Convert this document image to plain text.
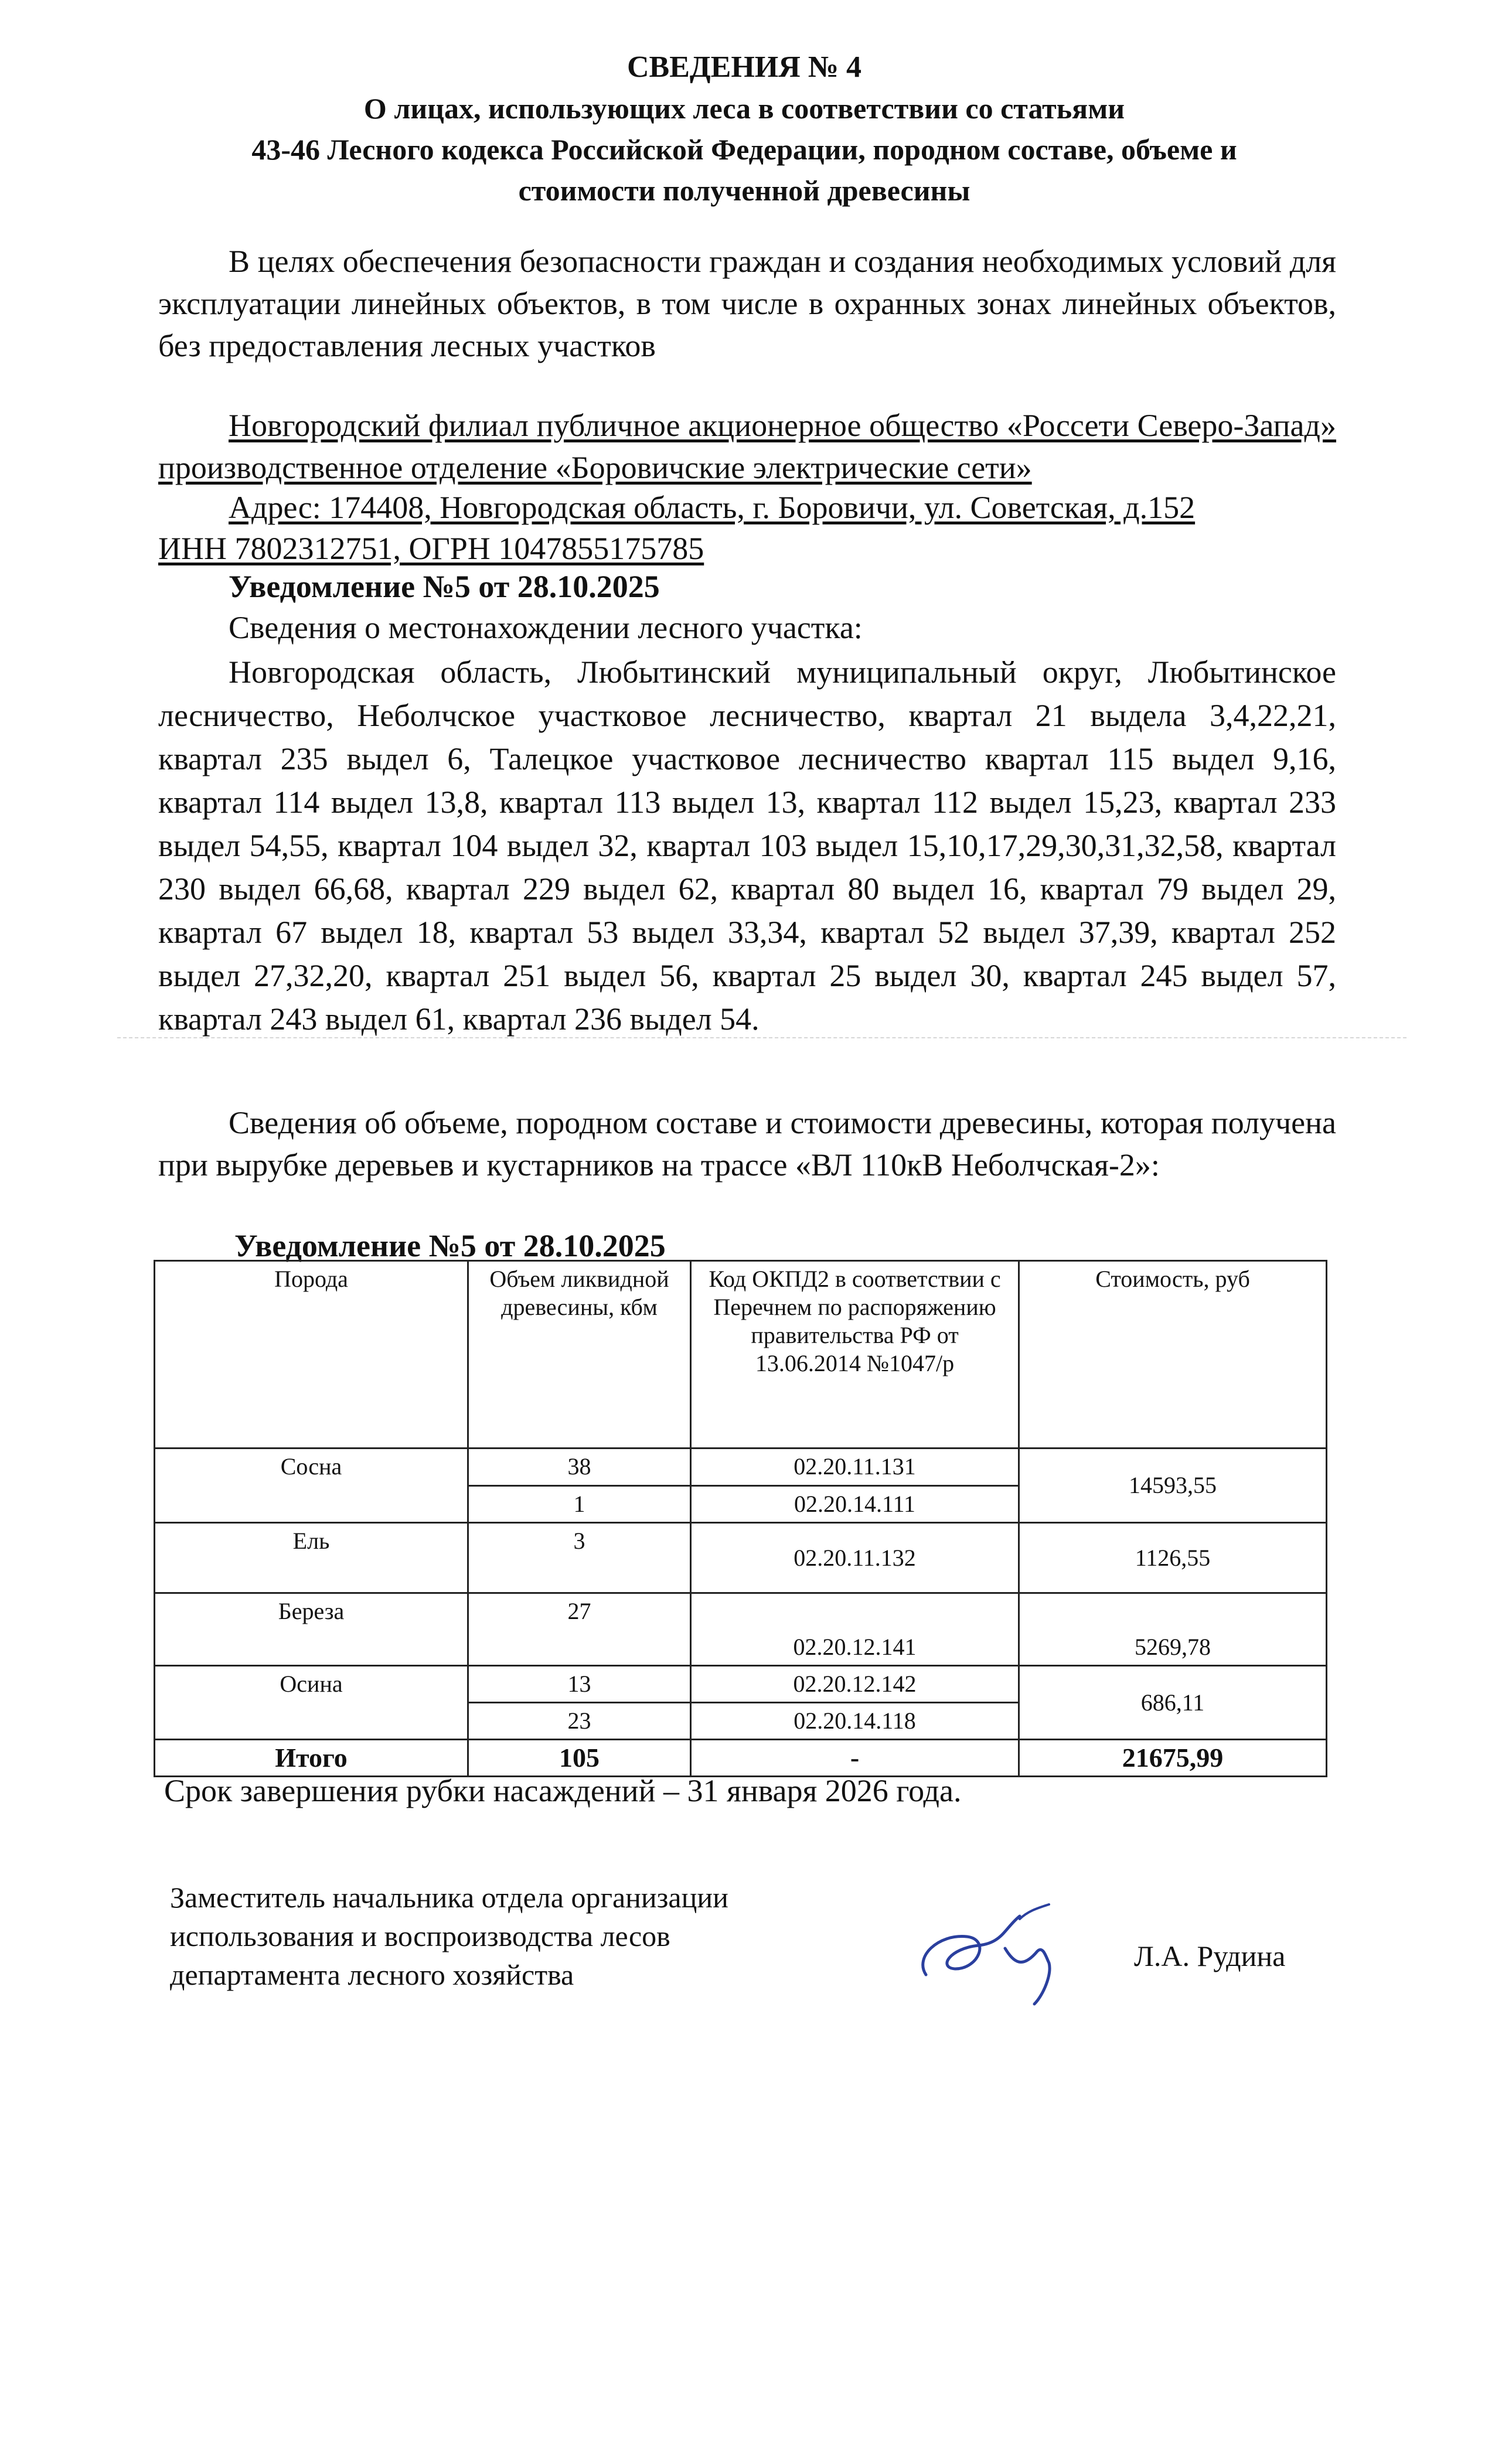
СВЕДЕНИЯ № 4
О лицах, использующих леса в соответствии со статьями
43-46 Лесного кодекса Российской Федерации, породном составе, объеме и
стоимости полученной древесины
В целях обеспечения безопасности граждан и создания необходимых условий для эксплуатации линейных объектов, в том числе в охранных зонах линейных объектов, без предоставления лесных участков
Новгородский филиал публичное акционерное общество «Россети Северо-Запад» производственное отделение «Боровичские электрические сети»
Адрес: 174408, Новгородская область, г. Боровичи, ул. Советская, д.152
ИНН 7802312751, ОГРН 1047855175785
Уведомление №5 от 28.10.2025
Сведения о местонахождении лесного участка:
Новгородская область, Любытинский муниципальный округ, Любытинское лесничество, Неболчское участковое лесничество, квартал 21 выдела 3,4,22,21, квартал 235 выдел 6, Талецкое участковое лесничество квартал 115 выдел 9,16, квартал 114 выдел 13,8, квартал 113 выдел 13, квартал 112 выдел 15,23, квартал 233 выдел 54,55, квартал 104 выдел 32, квартал 103 выдел 15,10,17,29,30,31,32,58, квартал 230 выдел 66,68, квартал 229 выдел 62, квартал 80 выдел 16, квартал 79 выдел 29, квартал 67 выдел 18, квартал 53 выдел 33,34, квартал 52 выдел 37,39, квартал 252 выдел 27,32,20, квартал 251 выдел 56, квартал 25 выдел 30, квартал 245 выдел 57, квартал 243 выдел 61, квартал 236 выдел 54.
Сведения об объеме, породном составе и стоимости древесины, которая получена при вырубке деревьев и кустарников на трассе «ВЛ 110кВ Неболчская-2»:
Уведомление №5 от 28.10.2025
Порода	Объем ликвидной древесины, кбм	Код ОКПД2 в соответствии с Перечнем по распоряжению правительства РФ от 13.06.2014 №1047/р	Стоимость, руб
Сосна	38	02.20.11.131	14593,55
	1	02.20.14.111	
Ель	3	02.20.11.132	1126,55
Береза	27	02.20.12.141	5269,78
Осина	13	02.20.12.142	686,11
	23	02.20.14.118	
Итого	105	-	21675,99
Срок завершения рубки насаждений – 31 января 2026 года.
Заместитель начальника отдела организации
использования и воспроизводства лесов
департамента лесного хозяйства
Л.А. Рудина
